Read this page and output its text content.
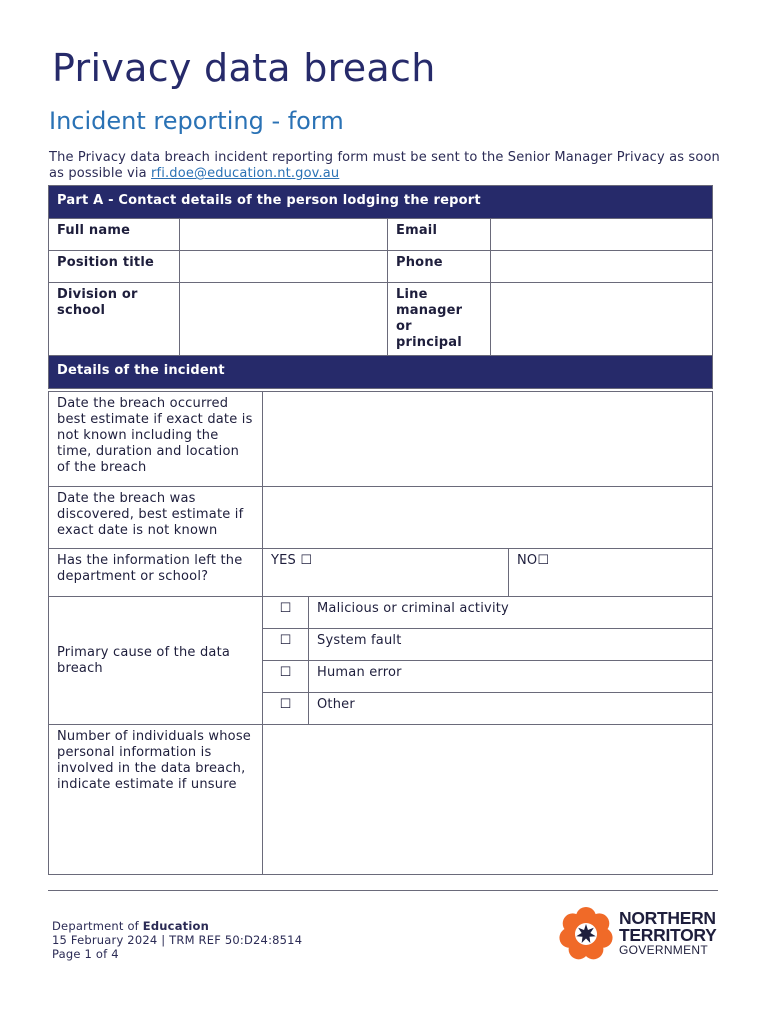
Privacy data breach
Incident reporting - form
The Privacy data breach incident reporting form must be sent to the Senior Manager Privacy as soon as possible via rfi.doe@education.nt.gov.au
Part A - Contact details of the person lodging the report			
Full name		Email	
Position title		Phone	
Division or school		Line manager or principal	
Details of the incident			
Date the breach occurred best estimate if exact date is not known including the time, duration and location of the breach			
Date the breach was discovered, best estimate if exact date is not known			
Has the information left the department or school?	YES ☐		NO☐
Primary cause of the data breach	☐	Malicious or criminal activity	
	☐	System fault	
	☐	Human error	
	☐	Other	
Number of individuals whose personal information is involved in the data breach,
indicate estimate if unsure			
Department of Education
15 February 2024 | TRM REF 50:D24:8514
Page 1 of 4
NORTHERN
TERRITORY
GOVERNMENT
